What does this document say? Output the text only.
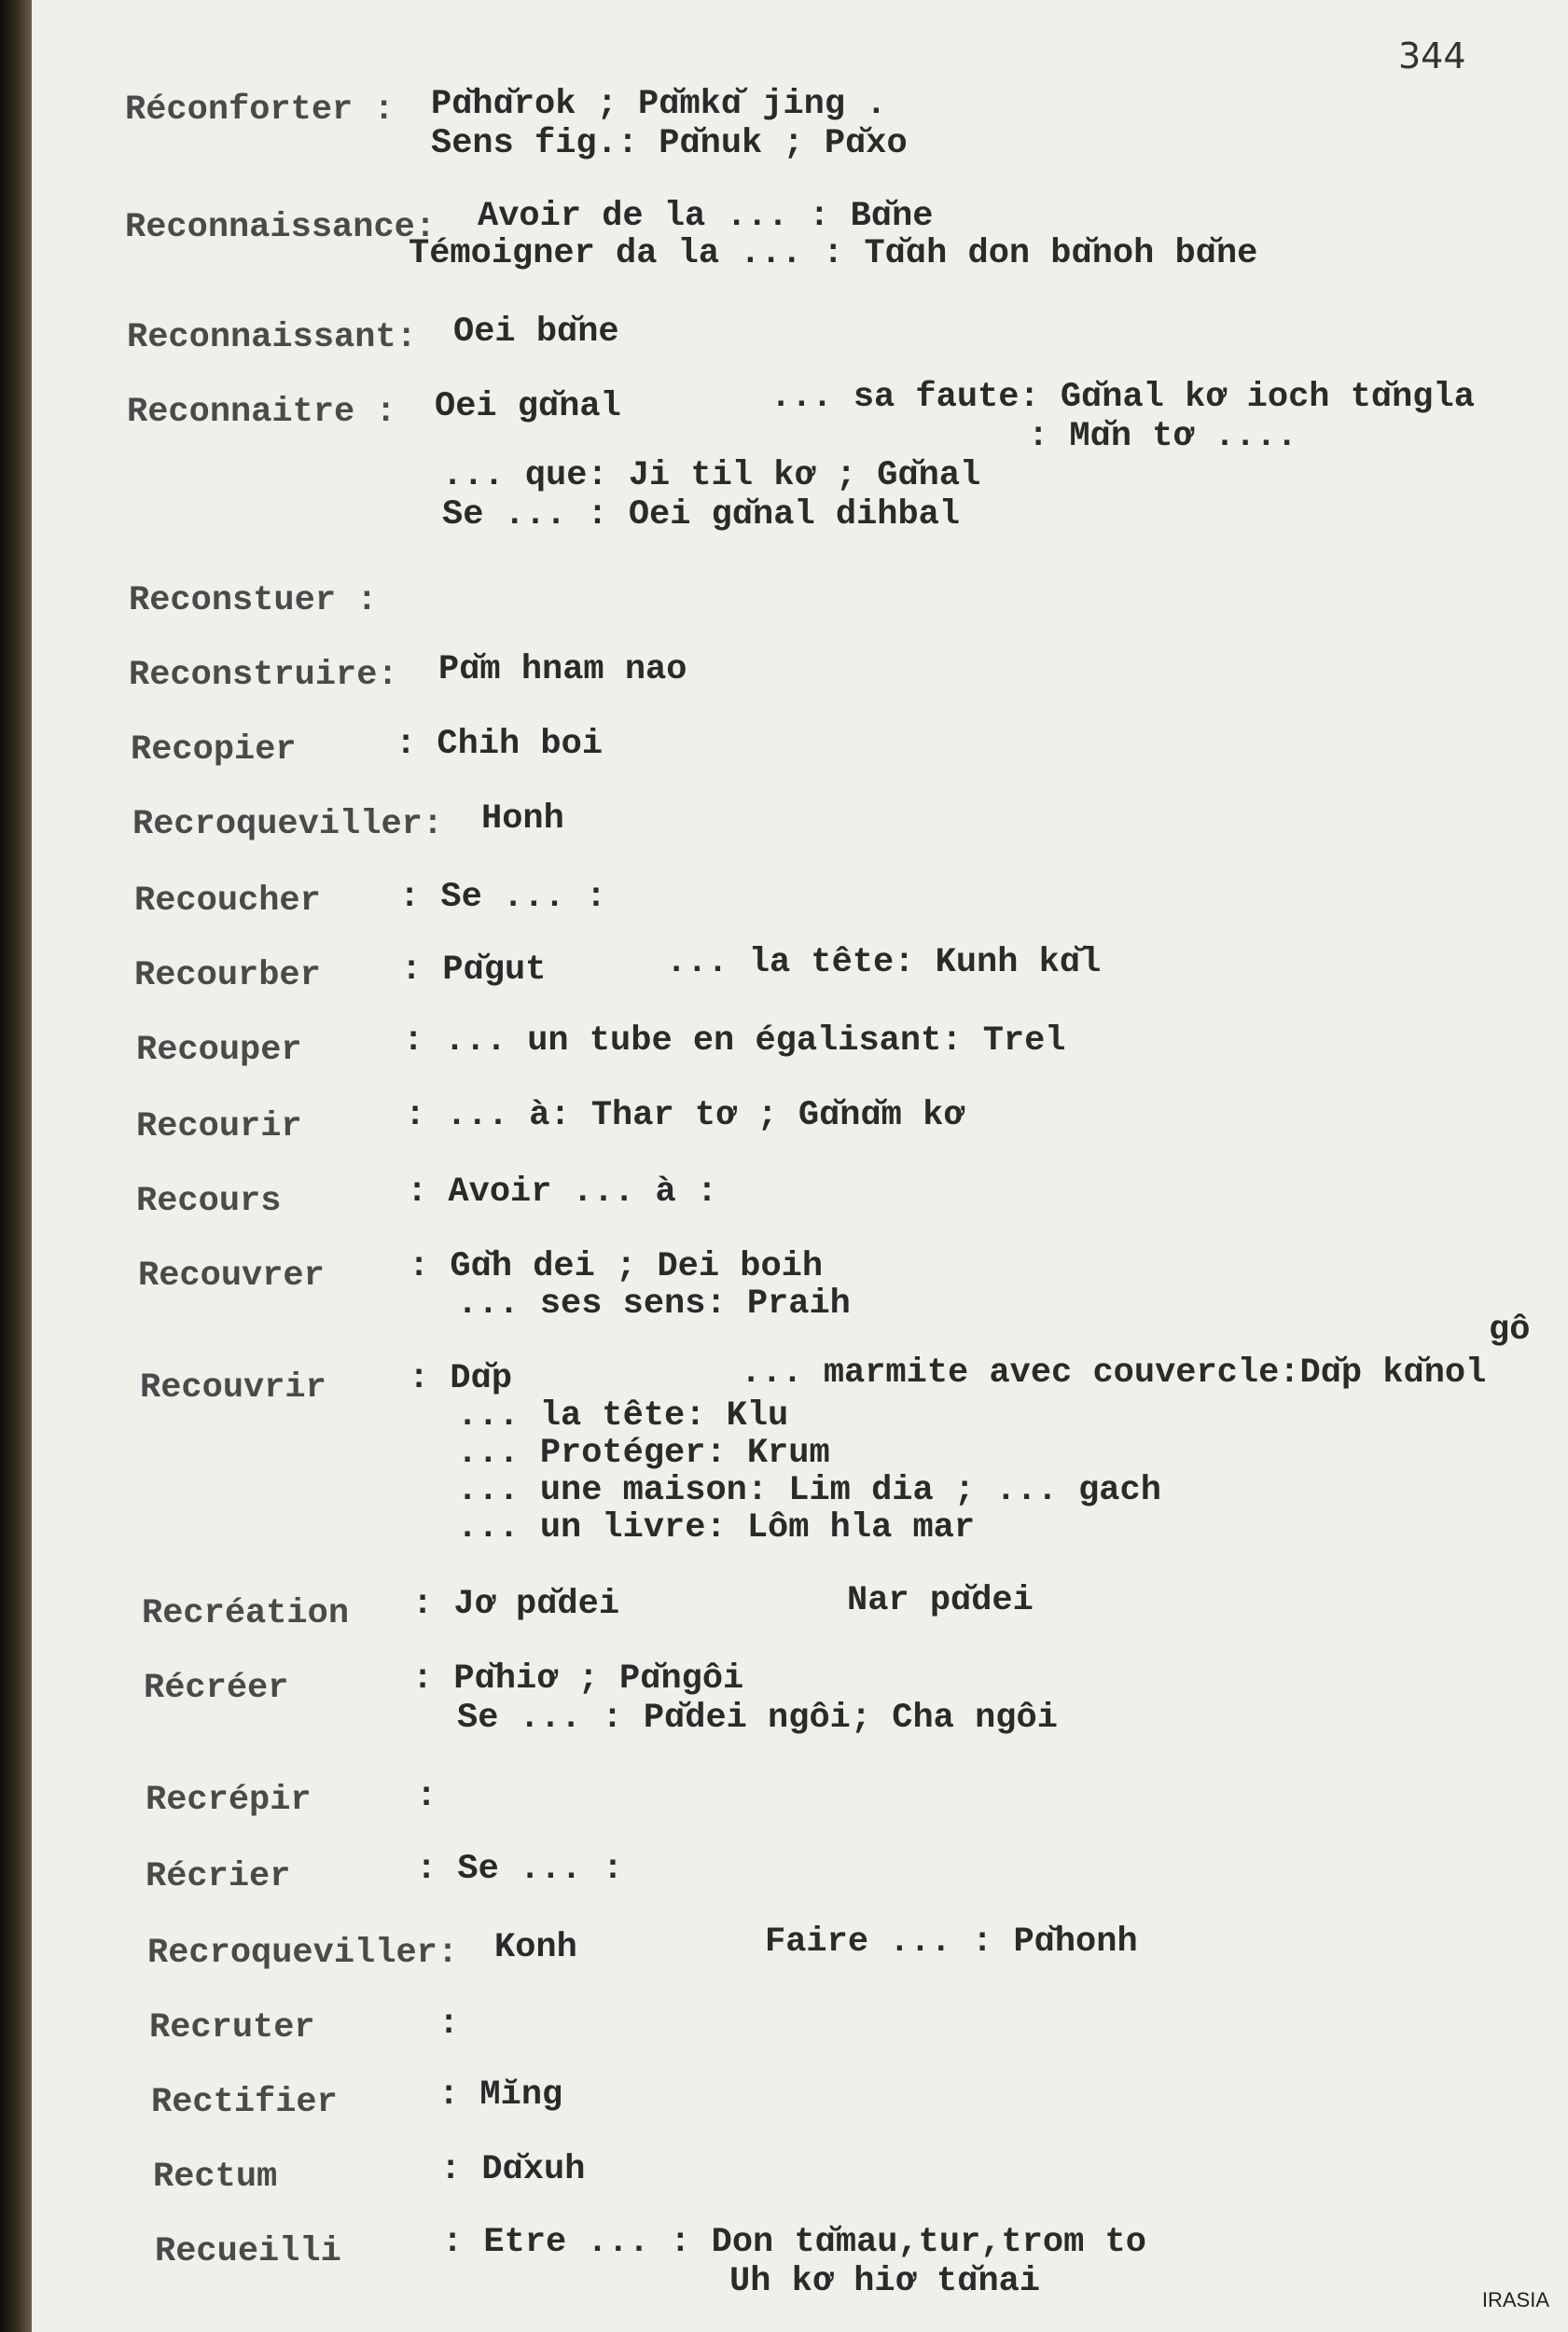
344
Réconforter : Pɑ̆hɑ̆rok ; Pɑ̆mkɑ̆ jing .
Sens fig.: Pɑ̆nuk ; Pɑ̆xo
Reconnaissance: Avoir de la ... : Bɑ̆ne
Témoigner da la ... : Tɑ̆ɑh don bɑ̆noh bɑ̆ne
Reconnaissant: Oei bɑ̆ne
Reconnaitre : Oei gɑ̆nal	... sa faute: Gɑ̆nal kơ ioch tɑ̆ngla
: Mɑ̆n tơ ....
... que: Ji til kơ ; Gɑ̆nal
Se ... : Oei gɑ̆nal dihbal
Reconstuer :
Reconstruire: Pɑ̆m hnam nao
Recopier	: Chih boi
Recroqueviller: Honh
Recoucher : Se ... :
Recourber : Pɑ̆gut	... la tête: Kunh kɑ̆l
Recouper	: ... un tube en égalisant: Trel
Recourir	: ... à: Thar tơ ; Gɑ̆nɑ̆m kơ
Recours	: Avoir ... à :
Recouvrer : Gɑ̆h dei ; Dei boih
... ses sens: Praih
Recouvrir : Dɑ̆p	... marmite avec couvercle:Dɑ̆p kɑ̆nol
gô
... la tête: Klu
... Protéger: Krum
... une maison: Lim dia ; ... gach
... un livre: Lôm hla mar
Recréation : Jơ pɑ̆dei	Nar pɑ̆dei
Récréer	: Pɑ̆hiơ ; Pɑ̆ngôi
Se ... : Pɑ̆dei ngôi; Cha ngôi
Recrépir	:
Récrier	: Se ... :
Recroqueviller: Konh	Faire ... : Pɑ̆honh
Recruter	:
Rectifier	: Mĭng
Rectum	: Dɑ̆xuh
Recueilli	: Etre ... : Don tɑ̆mau,tur,trom to
Uh kơ hiơ tɑ̆nai	IRASIA
